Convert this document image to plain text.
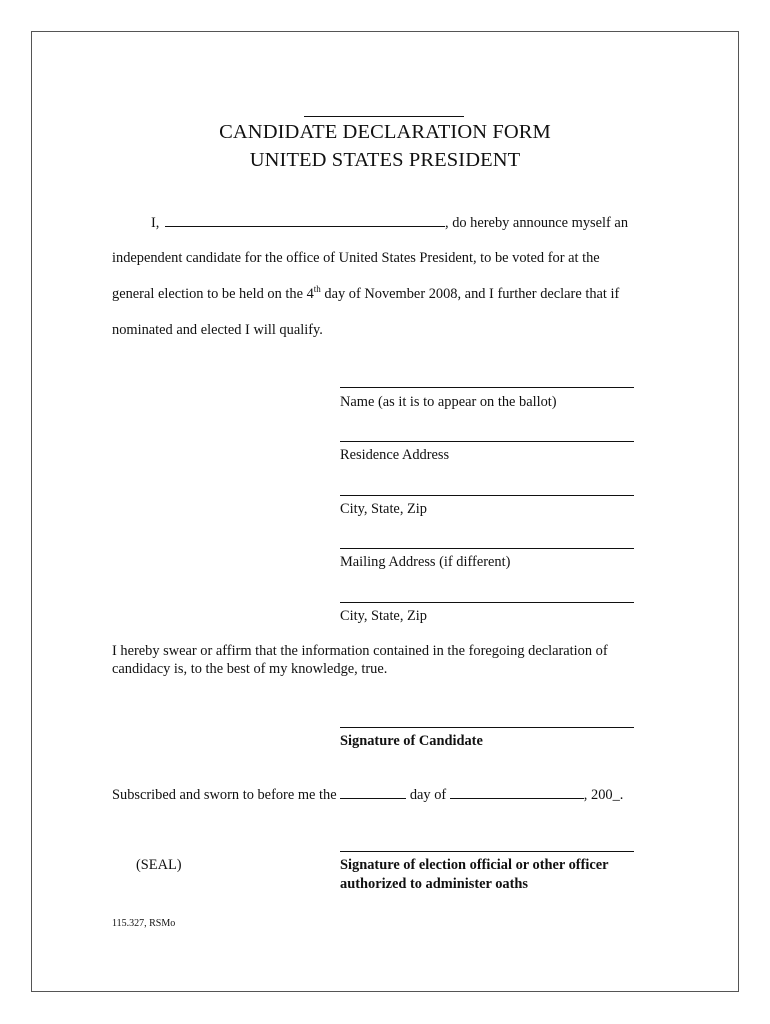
CANDIDATE DECLARATION FORM
UNITED STATES PRESIDENT
I,	, do hereby announce myself an
independent candidate for the office of United States President, to be voted for at the
general election to be held on the 4th day of November 2008, and I further declare that if
nominated and elected I will qualify.
Name (as it is to appear on the ballot)
Residence Address
City, State, Zip
Mailing Address (if different)
City, State, Zip
I hereby swear or affirm that the information contained in the foregoing declaration of
candidacy is, to the best of my knowledge, true.
Signature of Candidate
Subscribed and sworn to before me the	day of	, 200_.
(SEAL)	Signature of election official or other officer
authorized to administer oaths
115.327, RSMo
